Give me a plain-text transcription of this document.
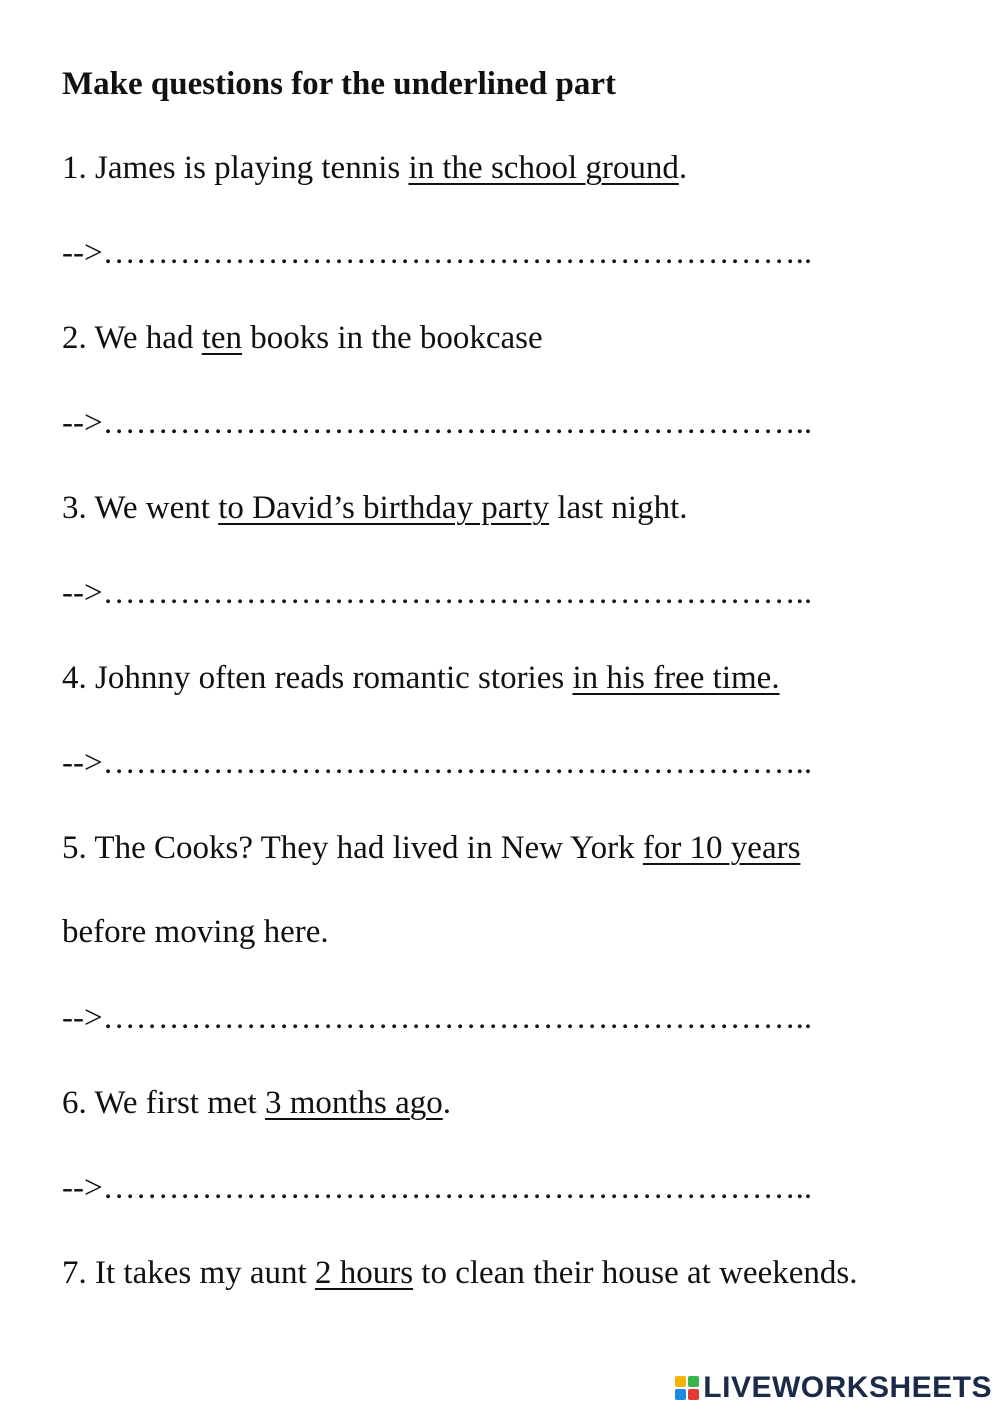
Make questions for the underlined part
1. James is playing tennis in the school ground.
-->………………………………………………………..
2. We had ten books in the bookcase
-->………………………………………………………..
3. We went to David’s birthday party last night.
-->………………………………………………………..
4. Johnny often reads romantic stories in his free time.
-->………………………………………………………..
5. The Cooks? They had lived in New York for 10 years
before moving here.
-->………………………………………………………..
6. We first met 3 months ago.
-->………………………………………………………..
7. It takes my aunt 2 hours to clean their house at weekends.
LIVEWORKSHEETS
